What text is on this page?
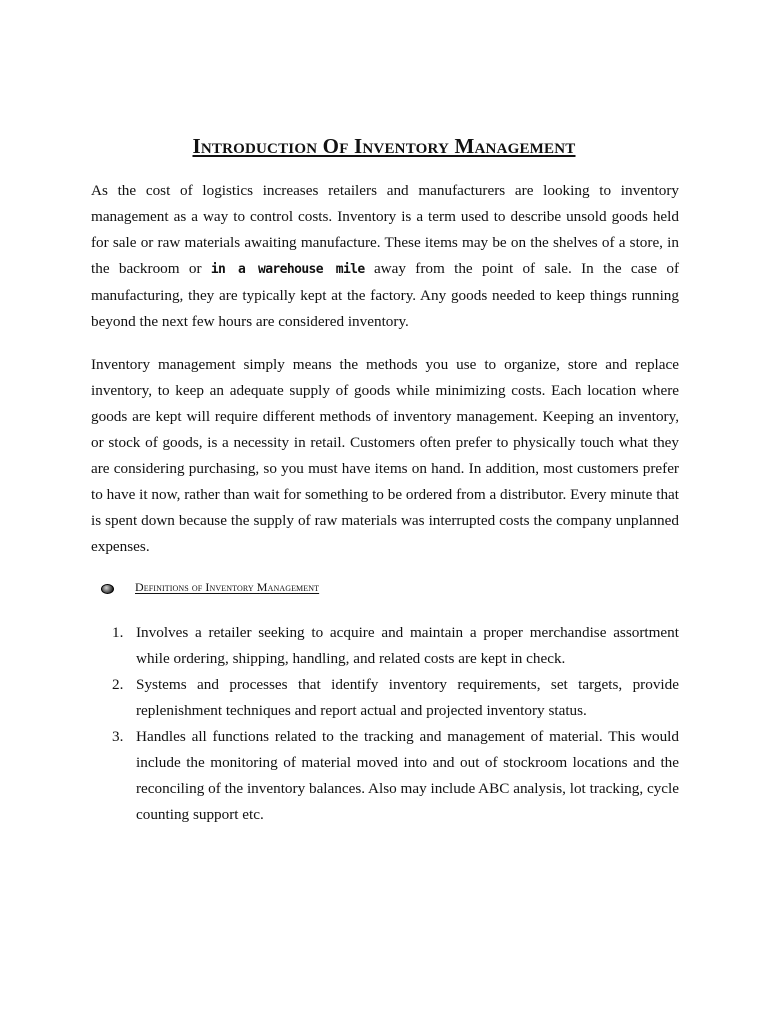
Introduction Of Inventory Management

As the cost of logistics increases retailers and manufacturers are looking to inventory management as a way to control costs. Inventory is a term used to describe unsold goods held for sale or raw materials awaiting manufacture. These items may be on the shelves of a store, in the backroom or in a warehouse mile away from the point of sale. In the case of manufacturing, they are typically kept at the factory. Any goods needed to keep things running beyond the next few hours are considered inventory.

Inventory management simply means the methods you use to organize, store and replace inventory, to keep an adequate supply of goods while minimizing costs. Each location where goods are kept will require different methods of inventory management. Keeping an inventory, or stock of goods, is a necessity in retail. Customers often prefer to physically touch what they are considering purchasing, so you must have items on hand. In addition, most customers prefer to have it now, rather than wait for something to be ordered from a distributor. Every minute that is spent down because the supply of raw materials was interrupted costs the company unplanned expenses.

Definitions of Inventory Management
1. Involves a retailer seeking to acquire and maintain a proper merchandise assortment while ordering, shipping, handling, and related costs are kept in check.
2. Systems and processes that identify inventory requirements, set targets, provide replenishment techniques and report actual and projected inventory status.
3. Handles all functions related to the tracking and management of material. This would include the monitoring of material moved into and out of stockroom locations and the reconciling of the inventory balances. Also may include ABC analysis, lot tracking, cycle counting support etc.
